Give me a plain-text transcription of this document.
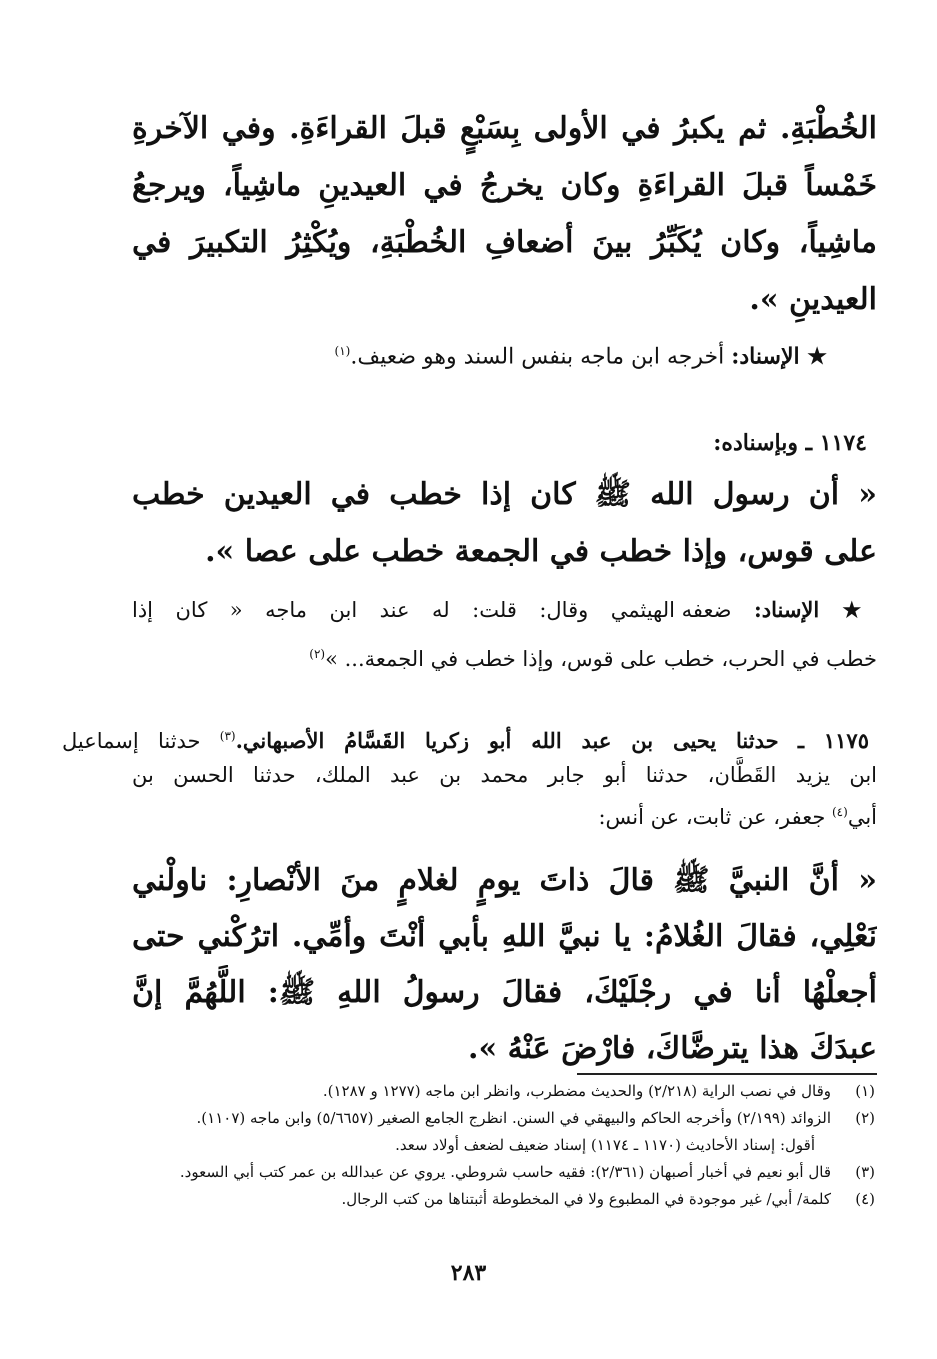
الخُطْبَةِ. ثم يكبرُ في الأولى بِسَبْعٍ قبلَ القراءَةِ. وفي الآخرةِ
خَمْساً قبلَ القراءَةِ وكان يخرجُ في العيدينِ ماشِياً، ويرجعُ
ماشِياً، وكان يُكَبِّرُ بينَ أضعافِ الخُطْبَةِ، ويُكْثِرُ التكبيرَ في
العيدينِ ».
★ الإسناد: أخرجه ابن ماجه بنفس السند وهو ضعيف.$^{(١)}$
١١٧٤ ـ وبإسناده:
« أن رسول الله ﷺ كان إذا خطب في العيدين خطب
على قوس، وإذا خطب في الجمعة خطب على عصا ».
★ الإسناد: ضعفه الهيثمي وقال: قلت: له عند ابن ماجه « كان إذا
خطب في الحرب، خطب على قوس، وإذا خطب في الجمعة... »$^{(٢)}$
١١٧٥ ـ حدثنا يحيى بن عبد الله أبو زكريا القَسَّامُ الأصبهاني.$^{(٣)}$ حدثنا إسماعيل
ابن يزيد القَطَّان، حدثنا أبو جابر محمد بن عبد الملك، حدثنا الحسن بن
أبي$^{(٤)}$ جعفر، عن ثابت، عن أنس:
« أنَّ النبيَّ ﷺ قالَ ذاتَ يومٍ لغلامٍ منَ الأنْصارِ: ناولْني
نَعْلِي، فقالَ الغُلامُ: يا نبيَّ اللهِ بأبي أنْتَ وأمِّي. اترُكْني حتى
أجعلْهُا أنا في رجْلَيْكَ، فقالَ رسولُ اللهِ ﷺ: اللَّهُمَّ إنَّ
عبدَكَ هذا يترضَّاكَ، فارْضَ عَنْهُ ».
(١)وقال في نصب الراية (٢/٢١٨) والحديث مضطرب، وانظر ابن ماجه (١٢٧٧ و ١٢٨٧).
(٢)الزوائد (٢/١٩٩) وأخرجه الحاكم والبيهقي في السنن. انظرج الجامع الصغير (٥/٦٦٥٧) وابن ماجه (١١٠٧).
أقول: إسناد الأحاديث (١١٧٠ ـ ١١٧٤) إسناد ضعيف لضعف أولاد سعد.
(٣)قال أبو نعيم في أخبار أصبهان (٢/٣٦١): فقيه حاسب شروطي. يروي عن عبدالله بن عمر كتب أبي السعود.
(٤)كلمة/ أبي/ غير موجودة في المطبوع ولا في المخطوطة أثبتناها من كتب الرجال.
٢٨٣
